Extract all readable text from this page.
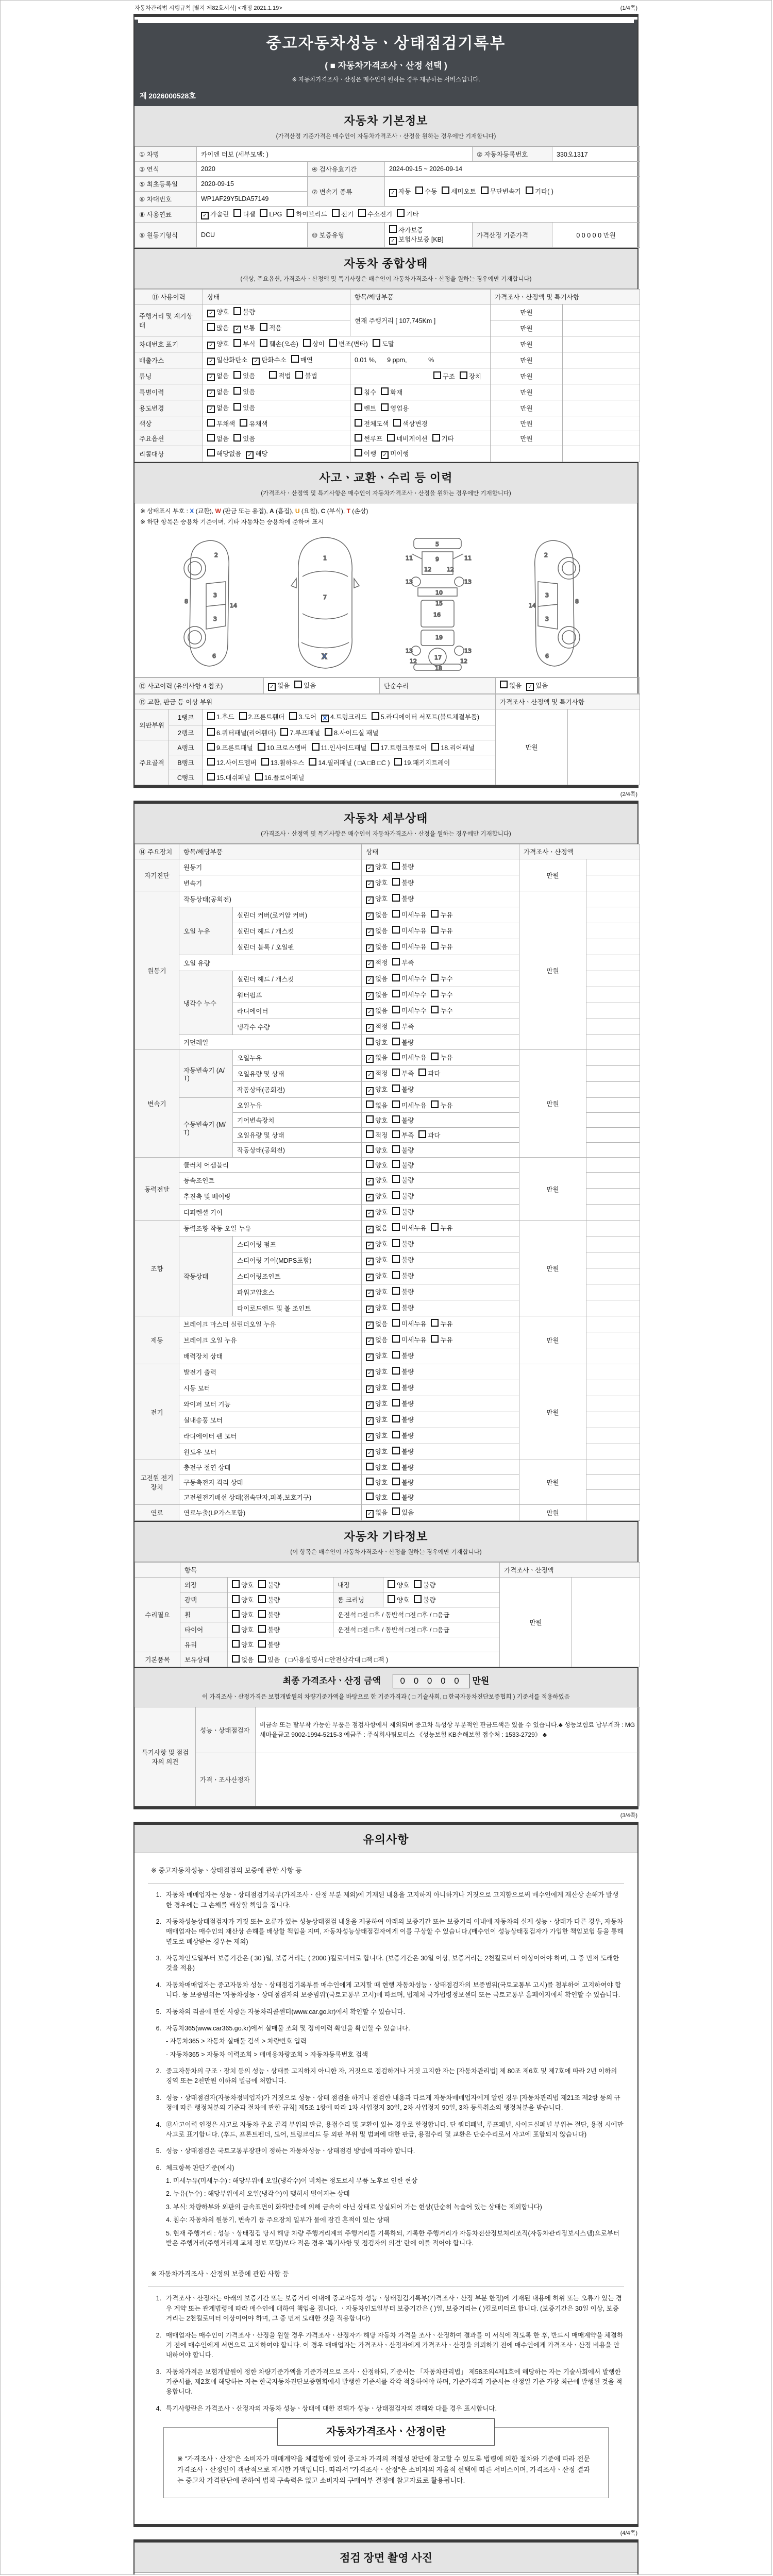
자동차관리법 시행규칙 [별지 제82호서식] <개정 2021.1.19>	(1/4쪽)
중고자동차성능ㆍ상태점검기록부
( ■ 자동차가격조사ㆍ산정 선택 )
※ 자동차가격조사ㆍ산정은 매수인이 원하는 경우 제공하는 서비스입니다.
제 2026000528호
자동차 기본정보
(가격산정 기준가격은 매수인이 자동차가격조사ㆍ산정을 원하는 경우에만 기재합니다)
① 차명	카이엔 터보 (세부모델: )			② 자동차등록번호	330오1317
③ 연식	2020	④ 검사유효기간	2024-09-15 ~ 2026-09-14		
⑤ 최초등록일	2020-09-15	⑦ 변속기 종류	✓ 자동 수동 세미오토 무단변속기 기타( )		
⑥ 차대번호	WP1AF29Y5LDA57149				
⑧ 사용연료	✓ 가솔린 디젤 LPG 하이브리드 전기 수소전기 기타				
⑨ 원동기형식	DCU	⑩ 보증유형	자가보증✓ 보험사보증 [KB]	가격산정 기준가격	0 0 0 0 0 만원
자동차 종합상태
(색상, 주요옵션, 가격조사ㆍ산정액 및 특기사항은 매수인이 자동차가격조사ㆍ산정을 원하는 경우에만 기재합니다)
⑪ 사용이력	상태	항목/해당부품	가격조사ㆍ산정액 및 특기사항	
주행거리 및 계기상태	✓ 양호 불량	현재 주행거리 [ 107,745Km ]	만원	
	많음 ✓ 보통 적음		만원	
차대번호 표기	✓ 양호 부식 훼손(오손) 상이 변조(변타) 도말		만원	
배출가스	✓ 일산화탄소 ✓ 탄화수소 매연	0.01 %,      9 ppm,            %	만원	
튜닝	✓ 없음 있음 적법 불법	구조 장치	만원	
특별이력	✓ 없음 있음	침수 화재	만원	
용도변경	✓ 없음 있음	렌트 영업용	만원	
색상	무채색 유채색	전체도색 색상변경	만원	
주요옵션	없음 있음	썬루프 네비게이션 기타	만원	
리콜대상	해당없음 ✓ 해당	이행 ✓ 미이행		
사고ㆍ교환ㆍ수리 등 이력
(가격조사ㆍ산정액 및 특기사항은 매수인이 자동차가격조사ㆍ산정을 원하는 경우에만 기재합니다)
※ 상태표시 부호 : X (교환), W (판금 또는 용접), A (흠집), U (요철), C (부식), T (손상)
※ 하단 항목은 승용차 기준이며, 기타 자동차는 승용차에 준하여 표시
2
8
3
14
3
6
1
7
X
5
9
11	11
13	13
12	12
10
15
16
19
13	13
12	12
17
18
2
8
3
14
3
6
⑫ 사고이력 (유의사항 4 참조)	✓ 없음 있음	단순수리	없음 ✓ 있음
⑬ 교환, 판금 등 이상 부위			가격조사ㆍ산정액 및 특기사항	
외판부위	1랭크	1.후드 2.프론트휀더 3.도어 X 4.트렁크리드 5.라디에이터 서포트(볼트체결부품)	만원	
	2랭크	6.쿼터패널(리어휀더) 7.루프패널 8.사이드실 패널		
주요골격	A랭크	9.프론트패널 10.크로스멤버 11.인사이드패널 17.트렁크플로어 18.리어패널		
	B랭크	12.사이드멤버 13.휠하우스 14.필러패널 ( □A □B □C ) 19.패키지트레이		
	C랭크	15.대쉬패널 16.플로어패널		
(2/4쪽)
자동차 세부상태
(가격조사ㆍ산정액 및 특기사항은 매수인이 자동차가격조사ㆍ산정을 원하는 경우에만 기재합니다)
⑭ 주요장치	항목/해당부품		상태	가격조사ㆍ산정액	
자기진단	원동기		✓ 양호 불량	만원	
	변속기		✓ 양호 불량		
원동기	작동상태(공회전)		✓ 양호 불량	만원	
	오일 누유	실린더 커버(로커암 커버)	✓ 없음 미세누유 누유		
		실린더 헤드 / 개스킷	✓ 없음 미세누유 누유		
		실린더 블록 / 오일팬	✓ 없음 미세누유 누유		
	오일 유량		✓ 적정 부족		
	냉각수 누수	실린더 헤드 / 개스킷	✓ 없음 미세누수 누수		
		워터펌프	✓ 없음 미세누수 누수		
		라디에이터	✓ 없음 미세누수 누수		
		냉각수 수량	✓ 적정 부족		
	커먼레일		양호 불량		
변속기	자동변속기 (A/T)	오일누유	✓ 없음 미세누유 누유	만원	
		오일유량 및 상태	✓ 적정 부족 과다		
		작동상태(공회전)	✓ 양호 불량		
	수동변속기 (M/T)	오일누유	없음 미세누유 누유		
		기어변속장치	양호 불량		
		오일유량 및 상태	적정 부족 과다		
		작동상태(공회전)	양호 불량		
동력전달	클러치 어셈블리		양호 불량	만원	
	등속조인트		✓ 양호 불량		
	추진축 및 베어링		✓ 양호 불량		
	디퍼렌셜 기어		✓ 양호 불량		
조향	동력조향 작동 오일 누유		✓ 없음 미세누유 누유	만원	
	작동상태	스티어링 펌프	✓ 양호 불량		
		스티어링 기어(MDPS포함)	✓ 양호 불량		
		스티어링조인트	✓ 양호 불량		
		파워고압호스	✓ 양호 불량		
		타이로드엔드 및 볼 조인트	✓ 양호 불량		
제동	브레이크 마스터 실린더오일 누유		✓ 없음 미세누유 누유	만원	
	브레이크 오일 누유		✓ 없음 미세누유 누유		
	배력장치 상태		✓ 양호 불량		
전기	발전기 출력		✓ 양호 불량	만원	
	시동 모터		✓ 양호 불량		
	와이퍼 모터 기능		✓ 양호 불량		
	실내송풍 모터		✓ 양호 불량		
	라디에이터 팬 모터		✓ 양호 불량		
	윈도우 모터		✓ 양호 불량		
고전원 전기장치	충전구 절연 상태		양호 불량	만원	
	구동축전지 격리 상태		양호 불량		
	고전원전기배선 상태(접속단자,피복,보호기구)		양호 불량		
연료	연료누출(LP가스포함)		✓ 없음 있음	만원	
자동차 기타정보
(이 항목은 매수인이 자동차가격조사ㆍ산정을 원하는 경우에만 기재합니다)
	항목				가격조사ㆍ산정액	
수리필요	외장	양호 불량	내장	양호 불량	만원	
	광택	양호 불량	룸 크리닝	양호 불량		
	휠	양호 불량	운전석 □전 □후 / 동반석 □전 □후 / □응급			
	타이어	양호 불량	운전석 □전 □후 / 동반석 □전 □후 / □응급			
	유리	양호 불량				
기본품목	보유상태	없음 있음 ( □사용설명서 □안전삼각대 □잭 □잭 )				
최종 가격조사ㆍ산정 금액 0 0 0 0 0 만원
이 가격조사ㆍ산정가격은 보험개발원의 차량기준가액을 바탕으로 한 기준가격과 ( □ 기술사회, □ 한국자동차진단보증협회 ) 기준서를 적용하였음
특기사항 및 점검자의 의견	성능ㆍ상태점검자	비금속 또는 탈부착 가능한 부품은 점검사항에서 제외되며 중고차 특성상 부분적인 판금도색은 있을 수 있습니다.♣ 성능보험료 납부계좌 : MG새마을금고 9002-1994-5215-3 예금주 : 주식회사팀모터스 《성능보험 KB손해보험 접수처 : 1533-2729》 ♣
	가격ㆍ조사산정자	
(3/4쪽)
유의사항
※ 중고자동차성능ㆍ상태점검의 보증에 관한 사항 등
1. 자동차 매매업자는 성능ㆍ상태점검기록부(가격조사ㆍ산정 부분 제외)에 기재된 내용을 고지하지 아니하거나 거짓으로 고지함으로써 매수인에게 재산상 손해가 발생한 경우에는 그 손해를 배상할 책임을 집니다.
2. 자동차성능상태점검자가 거짓 또는 오류가 있는 성능상태점검 내용을 제공하여 아래의 보증기간 또는 보증거리 이내에 자동차의 실제 성능ㆍ상태가 다른 경우, 자동차매매업자는 매수인의 재산상 손해를 배상할 책임을 지며, 자동차성능상태점검자에게 이를 구상할 수 있습니다.(매수인이 성능상태점검자가 가입한 책임보험 등을 통해 별도로 배상받는 경우는 제외)
3. 자동차인도일부터 보증기간은 ( 30 )일, 보증거리는 ( 2000 )킬로미터로 합니다. (보증기간은 30일 이상, 보증거리는 2천킬로미터 이상이어야 하며, 그 중 먼저 도래한 것을 적용)
4. 자동차매매업자는 중고자동차 성능ㆍ상태점검기록부를 매수인에게 고지할 때 현행 자동차성능ㆍ상태점검자의 보증범위(국토교통부 고시)를 첨부하여 고지하여야 합니다. 동 보증범위는 '자동차성능ㆍ상태점검자의 보증범위'(국토교통부 고시)에 따르며, 법제처 국가법령정보센터 또는 국토교통부 홈페이지에서 확인할 수 있습니다.
5. 자동차의 리콜에 관한 사항은 자동차리콜센터(www.car.go.kr)에서 확인할 수 있습니다.
6. 자동차365(www.car365.go.kr)에서 실매물 조회 및 정비이력 확인을 확인할 수 있습니다.
- 자동차365 > 자동차 실매물 검색 > 차량번호 입력
- 자동차365 > 자동차 이력조회 > 매매용차량조회 > 자동차등록번호 검색
2. 중고자동차의 구조ㆍ장치 등의 성능ㆍ상태를 고지하지 아니한 자, 거짓으로 점검하거나 거짓 고지한 자는 [자동차관리법] 제 80조 제6호 및 제7호에 따라 2년 이하의 징역 또는 2천만원 이하의 벌금에 처합니다.
3. 성능ㆍ상태점검자(자동차정비업자)가 거짓으로 성능ㆍ상태 점검을 하거나 점검한 내용과 다르게 자동차매매업자에게 알린 경우 [자동차관리법 제21조 제2항 등의 규정에 따른 행정처분의 기준과 절차에 관한 규칙] 제5조 1항에 따라 1차 사업정지 30일, 2차 사업정지 90일, 3차 등록취소의 행정처분을 받습니다.
4. ⑫사고이력 인정은 사고로 자동차 주요 골격 부위의 판금, 용접수리 및 교환이 있는 경우로 한정합니다. 단 쿼터패널, 루프패널, 사이드실패널 부위는 절단, 용접 시에만 사고로 표기합니다. (후드, 프론트펜더, 도어, 트렁크리드 등 외판 부위 및 범퍼에 대한 판금, 용접수리 및 교환은 단순수리로서 사고에 포함되지 않습니다)
5. 성능ㆍ상태점검은 국토교통부장관이 정하는 자동차성능ㆍ상태점검 방법에 따라야 합니다.
6. 체크항목 판단기준(예시)
1. 미세누유(미세누수) : 해당부위에 오일(냉각수)이 비치는 정도로서 부품 노후로 인한 현상
2. 누유(누수) : 해당부위에서 오일(냉각수)이 맺혀서 떨어지는 상태
3. 부식: 차량하부와 외판의 금속표면이 화학반응에 의해 금속이 아닌 상태로 상실되어 가는 현상(단순히 녹슬어 있는 상태는 제외합니다)
4. 침수: 자동차의 원동기, 변속기 등 주요장치 일부가 물에 잠긴 흔적이 있는 상태
5. 현재 주행거리 : 성능ㆍ상태점검 당시 해당 차량 주행거리계의 주행거리를 기록하되, 기록한 주행거리가 자동차전산정보처리조직(자동차관리정보시스템)으로부터 받은 주행거리(주행거리계 교체 정보 포함)보다 적은 경우 '특기사항 및 점검자의 의견' 란에 이를 적어야 합니다.
※ 자동차가격조사ㆍ산정의 보증에 관한 사항 등
1. 가격조사ㆍ산정자는 아래의 보증기간 또는 보증거리 이내에 중고자동차 성능ㆍ상태점검기록부(가격조사ㆍ산정 부분 한정)에 기재된 내용에 허위 또는 오류가 있는 경우 계약 또는 관계법령에 따라 매수인에 대하여 책임을 집니다. ㆍ자동차인도일부터 보증기간은 ( )일, 보증거리는 ( )킬로미터로 합니다. (보증기간은 30일 이상, 보증거리는 2천킬로미터 이상이어야 하며, 그 중 먼저 도래한 것을 적용합니다)
2. 매매업자는 매수인이 가격조사ㆍ산정을 원할 경우 가격조사ㆍ산정자가 해당 자동차 가격을 조사ㆍ산정하여 결과를 이 서식에 적도록 한 후, 반드시 매매계약을 체결하기 전에 매수인에게 서면으로 고지하여야 합니다. 이 경우 매매업자는 가격조사ㆍ산정자에게 가격조사ㆍ산정을 의뢰하기 전에 매수인에게 가격조사ㆍ산정 비용을 안내하여야 합니다.
3. 자동차가격은 보험개발원이 정한 차량기준가액을 기준가격으로 조사ㆍ산정하되, 기준서는 「자동차관리법」 제58조의4제1호에 해당하는 자는 기술사회에서 발행한 기준서를, 제2호에 해당하는 자는 한국자동차진단보증협회에서 발행한 기준서를 각각 적용하여야 하며, 기준가격과 기준서는 산정일 기준 가장 최근에 발행된 것을 적용합니다.
4. 특기사항란은 가격조사ㆍ산정자의 자동차 성능ㆍ상태에 대한 견해가 성능ㆍ상태점검자의 견해와 다를 경우 표시합니다.
자동차가격조사ㆍ산정이란
※ "가격조사ㆍ산정"은 소비자가 매매계약을 체결함에 있어 중고차 가격의 적절성 판단에 참고할 수 있도록 법령에 의한 절차와 기준에 따라 전문 가격조사ㆍ산정인이 객관적으로 제시한 가액입니다. 따라서 "가격조사ㆍ산정"은 소비자의 자율적 선택에 따른 서비스이며, 가격조사ㆍ산정 결과는 중고차 가격판단에 관하여 법적 구속력은 없고 소비자의 구매여부 결정에 참고자료로 활용됩니다.
(4/4쪽)
점검 장면 촬영 사진
